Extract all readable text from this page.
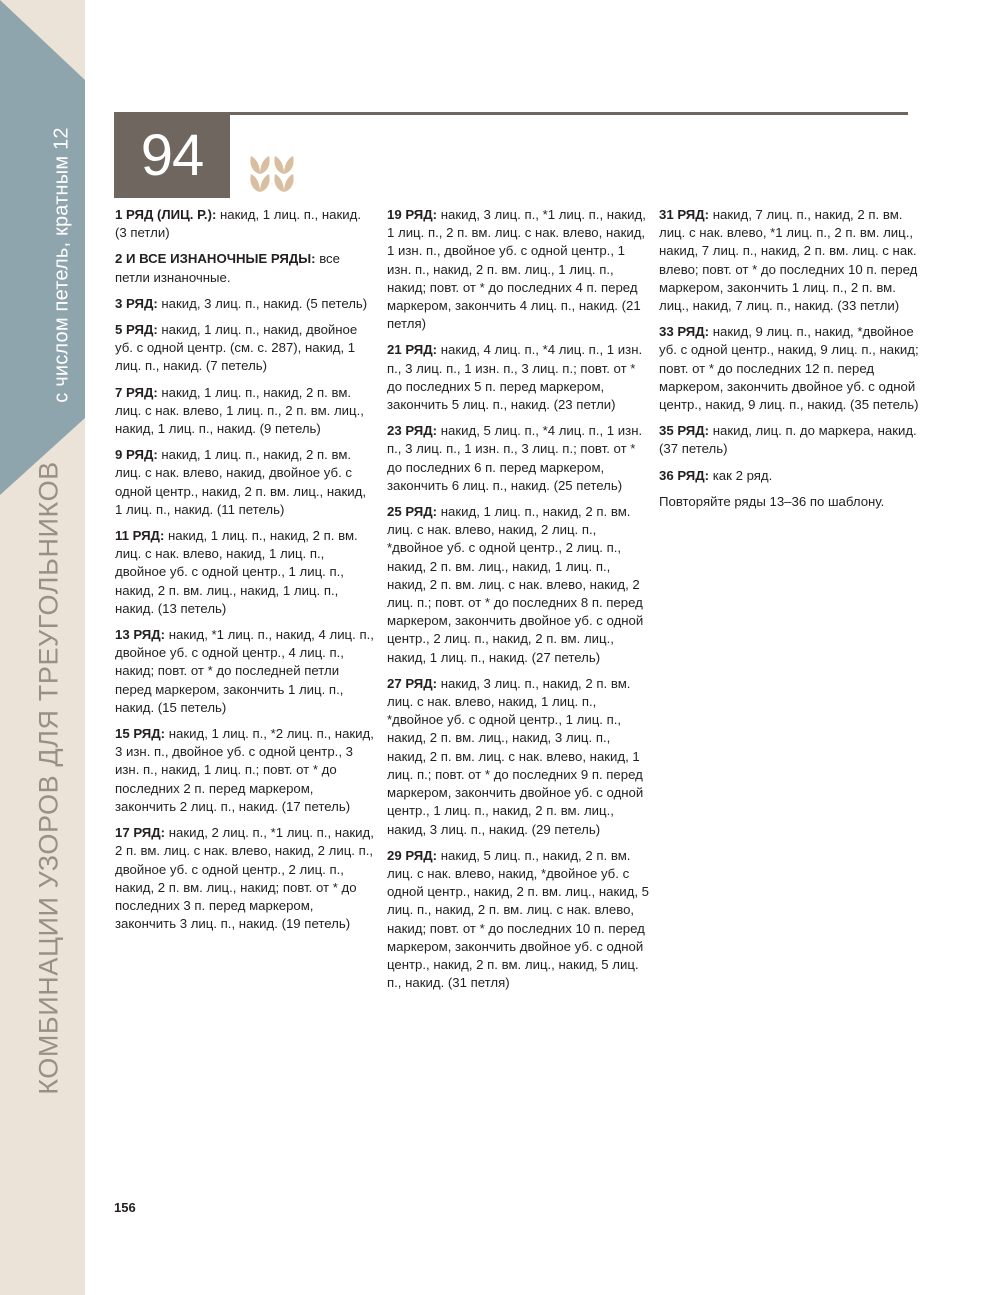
с числом петель, кратным 12
КОМБИНАЦИИ УЗОРОВ ДЛЯ ТРЕУГОЛЬНИКОВ
94

1 РЯД (ЛИЦ. Р.): накид, 1 лиц. п., накид. (3 петли)

2 И ВСЕ ИЗНАНОЧНЫЕ РЯДЫ: все петли изнаночные.

3 РЯД: накид, 3 лиц. п., накид. (5 петель)

5 РЯД: накид, 1 лиц. п., накид, двойное уб. с одной центр. (см. с. 287), накид, 1 лиц. п., накид. (7 петель)

7 РЯД: накид, 1 лиц. п., накид, 2 п. вм. лиц. с нак. влево, 1 лиц. п., 2 п. вм. лиц., накид, 1 лиц. п., накид. (9 петель)

9 РЯД: накид, 1 лиц. п., накид, 2 п. вм. лиц. с нак. влево, накид, двойное уб. с одной центр., накид, 2 п. вм. лиц., накид, 1 лиц. п., накид. (11 петель)

11 РЯД: накид, 1 лиц. п., накид, 2 п. вм. лиц. с нак. влево, накид, 1 лиц. п., двойное уб. с одной центр., 1 лиц. п., накид, 2 п. вм. лиц., накид, 1 лиц. п., накид. (13 петель)

13 РЯД: накид, *1 лиц. п., накид, 4 лиц. п., двойное уб. с одной центр., 4 лиц. п., накид; повт. от * до последней петли перед маркером, закончить 1 лиц. п., накид. (15 петель)

15 РЯД: накид, 1 лиц. п., *2 лиц. п., накид, 3 изн. п., двойное уб. с одной центр., 3 изн. п., накид, 1 лиц. п.; повт. от * до последних 2 п. перед маркером, закончить 2 лиц. п., накид. (17 петель)

17 РЯД: накид, 2 лиц. п., *1 лиц. п., накид, 2 п. вм. лиц. с нак. влево, накид, 2 лиц. п., двойное уб. с одной центр., 2 лиц. п., накид, 2 п. вм. лиц., накид; повт. от * до последних 3 п. перед маркером, закончить 3 лиц. п., накид. (19 петель)

19 РЯД: накид, 3 лиц. п., *1 лиц. п., накид, 1 лиц. п., 2 п. вм. лиц. с нак. влево, накид, 1 изн. п., двойное уб. с одной центр., 1 изн. п., накид, 2 п. вм. лиц., 1 лиц. п., накид; повт. от * до последних 4 п. перед маркером, закончить 4 лиц. п., накид. (21 петля)

21 РЯД: накид, 4 лиц. п., *4 лиц. п., 1 изн. п., 3 лиц. п., 1 изн. п., 3 лиц. п.; повт. от * до последних 5 п. перед маркером, закончить 5 лиц. п., накид. (23 петли)

23 РЯД: накид, 5 лиц. п., *4 лиц. п., 1 изн. п., 3 лиц. п., 1 изн. п., 3 лиц. п.; повт. от * до последних 6 п. перед маркером, закончить 6 лиц. п., накид. (25 петель)

25 РЯД: накид, 1 лиц. п., накид, 2 п. вм. лиц. с нак. влево, накид, 2 лиц. п., *двойное уб. с одной центр., 2 лиц. п., накид, 2 п. вм. лиц., накид, 1 лиц. п., накид, 2 п. вм. лиц. с нак. влево, накид, 2 лиц. п.; повт. от * до последних 8 п. перед маркером, закончить двойное уб. с одной центр., 2 лиц. п., накид, 2 п. вм. лиц., накид, 1 лиц. п., накид. (27 петель)

27 РЯД: накид, 3 лиц. п., накид, 2 п. вм. лиц. с нак. влево, накид, 1 лиц. п., *двойное уб. с одной центр., 1 лиц. п., накид, 2 п. вм. лиц., накид, 3 лиц. п., накид, 2 п. вм. лиц. с нак. влево, накид, 1 лиц. п.; повт. от * до последних 9 п. перед маркером, закончить двойное уб. с одной центр., 1 лиц. п., накид, 2 п. вм. лиц., накид, 3 лиц. п., накид. (29 петель)

29 РЯД: накид, 5 лиц. п., накид, 2 п. вм. лиц. с нак. влево, накид, *двойное уб. с одной центр., накид, 2 п. вм. лиц., накид, 5 лиц. п., накид, 2 п. вм. лиц. с нак. влево, накид; повт. от * до последних 10 п. перед маркером, закончить двойное уб. с одной центр., накид, 2 п. вм. лиц., накид, 5 лиц. п., накид. (31 петля)

31 РЯД: накид, 7 лиц. п., накид, 2 п. вм. лиц. с нак. влево, *1 лиц. п., 2 п. вм. лиц., накид, 7 лиц. п., накид, 2 п. вм. лиц. с нак. влево; повт. от * до последних 10 п. перед маркером, закончить 1 лиц. п., 2 п. вм. лиц., накид, 7 лиц. п., накид. (33 петли)

33 РЯД: накид, 9 лиц. п., накид, *двойное уб. с одной центр., накид, 9 лиц. п., накид; повт. от * до последних 12 п. перед маркером, закончить двойное уб. с одной центр., накид, 9 лиц. п., накид. (35 петель)

35 РЯД: накид, лиц. п. до маркера, накид. (37 петель)

36 РЯД: как 2 ряд.

Повторяйте ряды 13–36 по шаблону.

156
